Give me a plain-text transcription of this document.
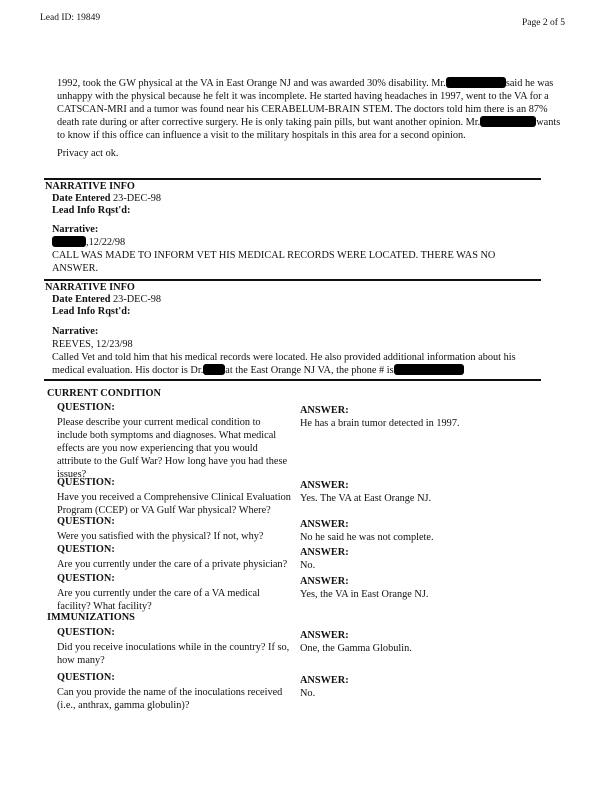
Lead ID: 19849	Page 2 of 5
1992, took the GW physical at the VA in East Orange NJ and was awarded 30% disability. Mr.	said he was
unhappy with the physical because he felt it was incomplete. He started having headaches in 1997, went to the VA for a
CATSCAN-MRI and a tumor was found near his CERABELUM-BRAIN STEM. The doctors told him there is an 87%
death rate during or after corrective surgery. He is only taking pain pills, but want another opinion. Mr.	wants
to know if this office can influence a visit to the military hospitals in this area for a second opinion.
Privacy act ok.
NARRATIVE INFO
Date Entered 23-DEC-98
Lead Info Rqst'd:
Narrative:
,12/22/98
CALL WAS MADE TO INFORM VET HIS MEDICAL RECORDS WERE LOCATED. THERE WAS NO
ANSWER.
NARRATIVE INFO
Date Entered 23-DEC-98
Lead Info Rqst'd:
Narrative:
REEVES, 12/23/98
Called Vet and told him that his medical records were located. He also provided additional information about his
medical evaluation. His doctor is Dr. at the East Orange NJ VA, the phone # is
CURRENT CONDITION
IMMUNIZATIONS
QUESTION:	ANSWER:
Please describe your current medical condition to
include both symptoms and diagnoses. What medical
effects are you now experiencing that you would
attribute to the Gulf War? How long have you had these
issues?
He has a brain tumor detected in 1997.
QUESTION:	ANSWER:
Have you received a Comprehensive Clinical Evaluation
Program (CCEP) or VA Gulf War physical? Where?
Yes. The VA at East Orange NJ.
QUESTION:	ANSWER:
Were you satisfied with the physical? If not, why?	No he said he was not complete.
QUESTION:	ANSWER:
Are you currently under the care of a private physician? No.
QUESTION:	ANSWER:
Are you currently under the care of a VA medical
facility? What facility?
Yes, the VA in East Orange NJ.
QUESTION:	ANSWER:
Did you receive inoculations while in the country? If so,
how many?
One, the Gamma Globulin.
QUESTION:	ANSWER:
Can you provide the name of the inoculations received
(i.e., anthrax, gamma globulin)?
No.
